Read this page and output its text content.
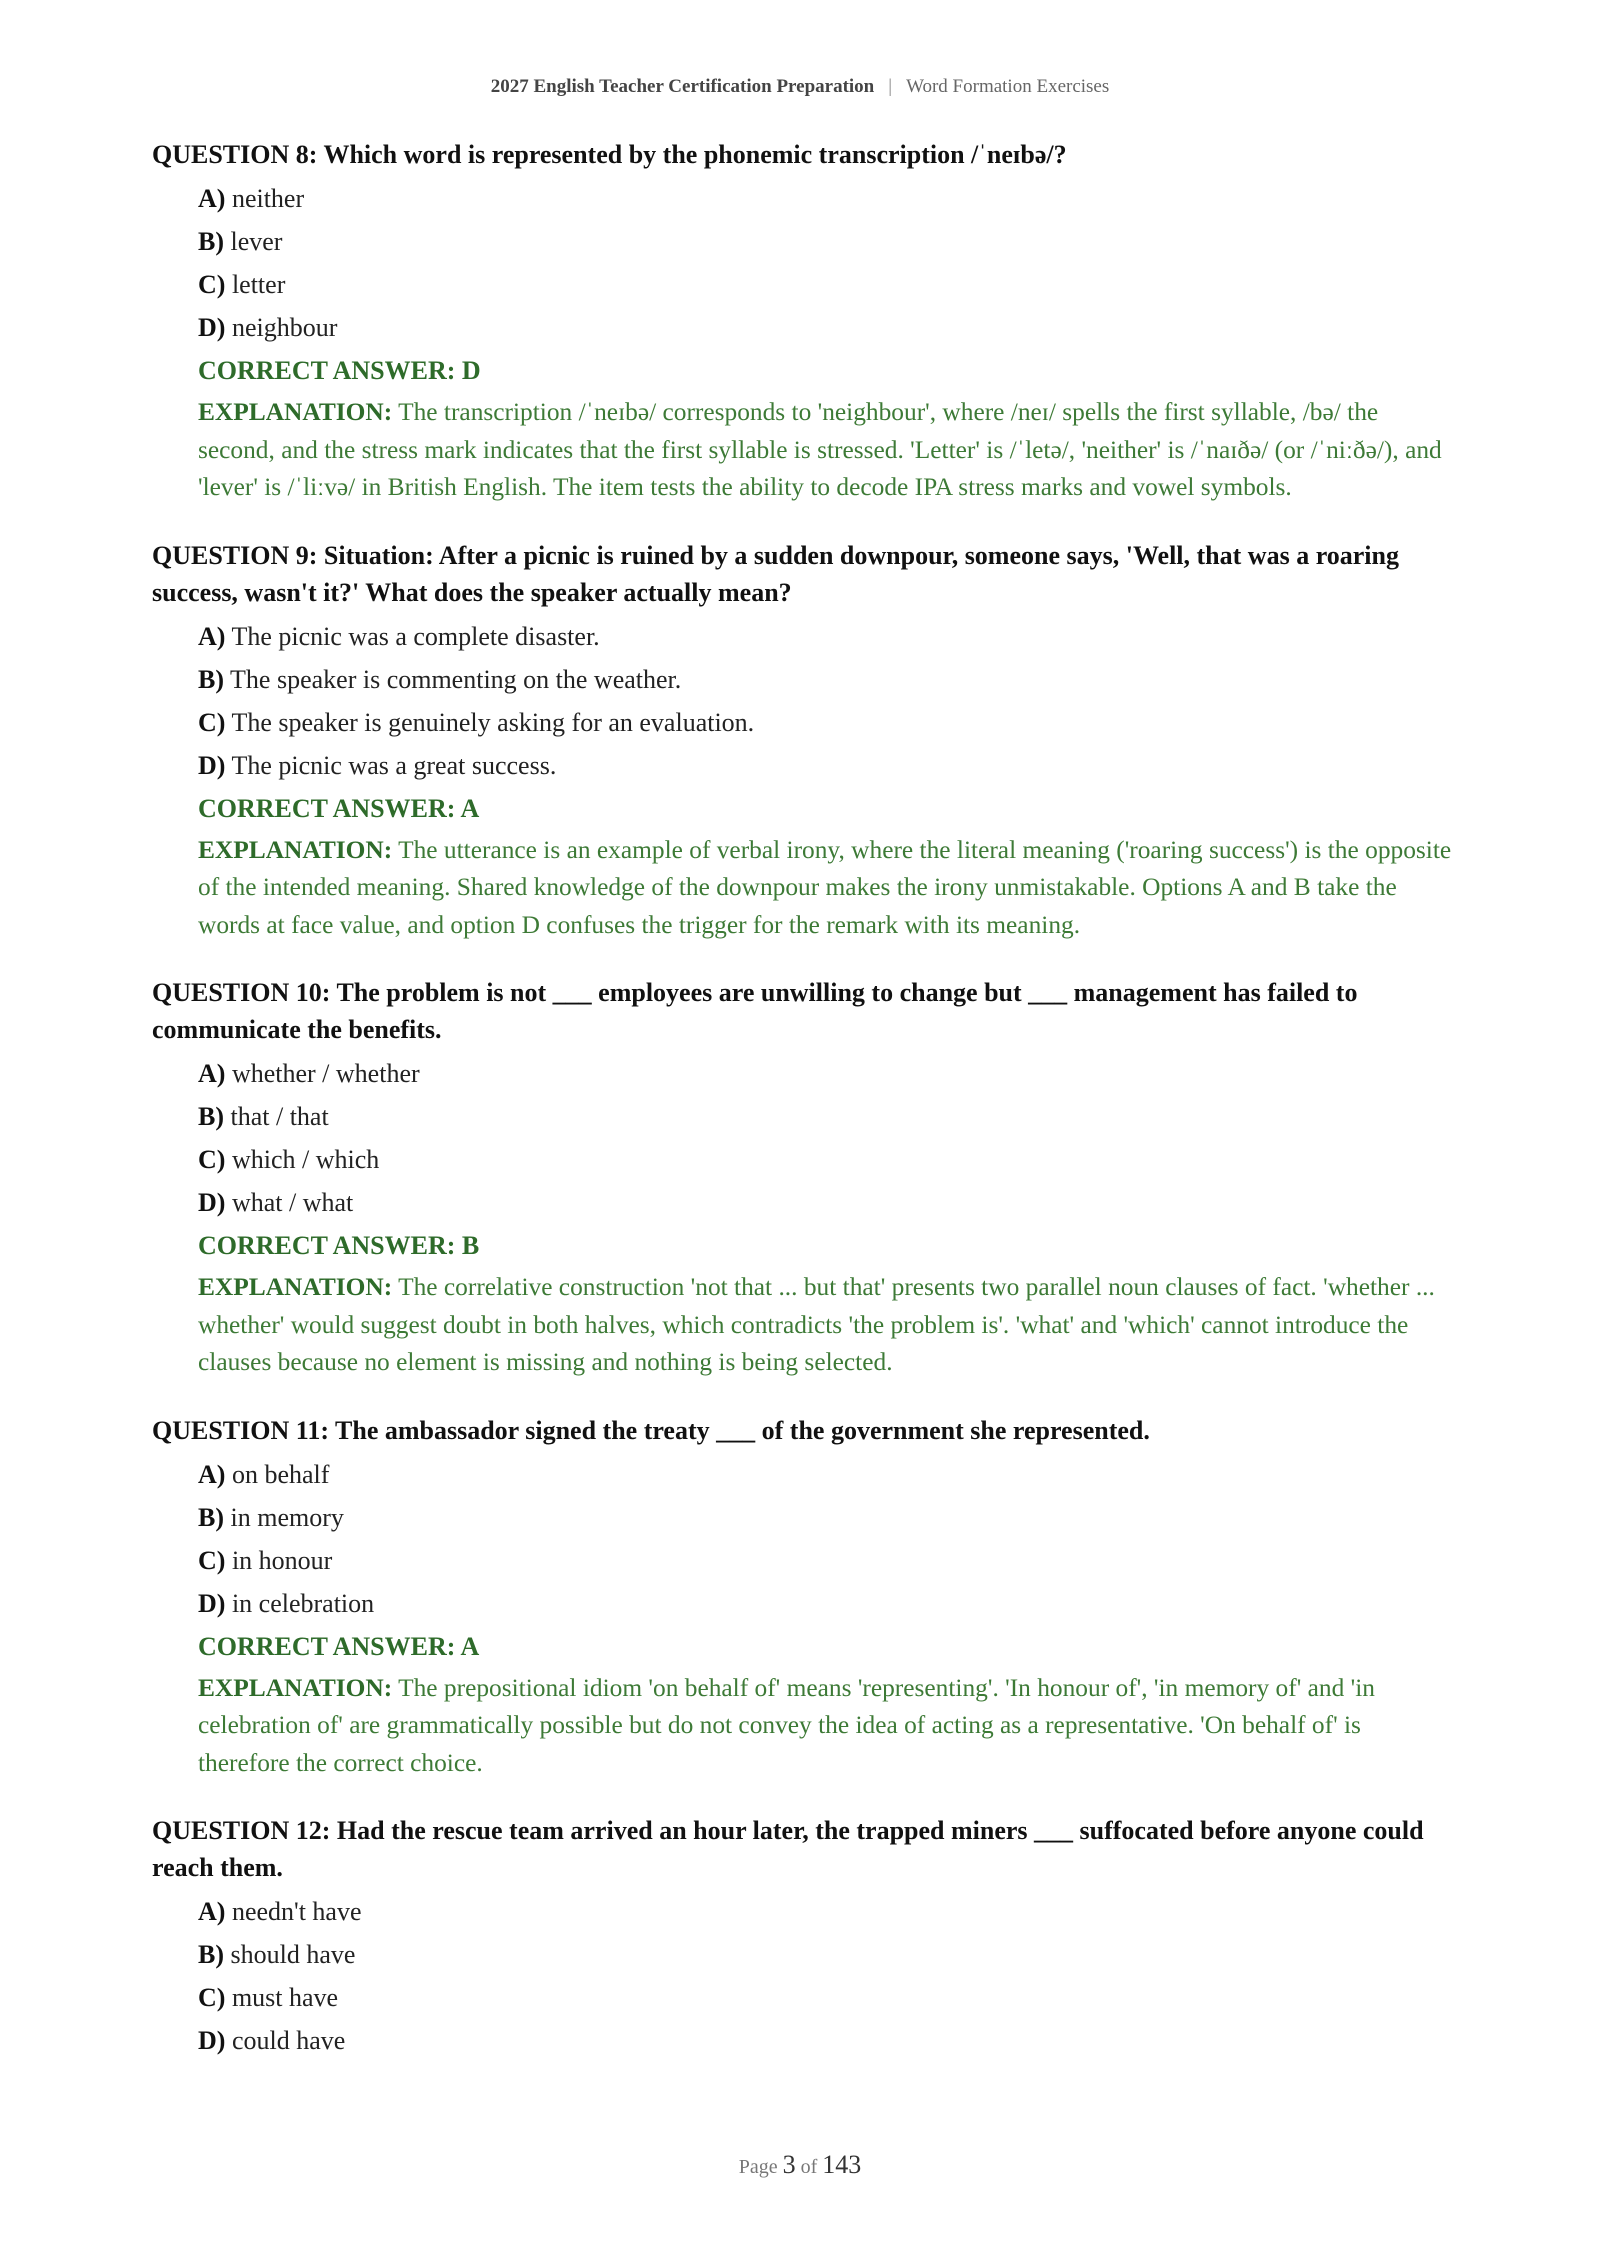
2027 English Teacher Certification Preparation | Word Formation Exercises
QUESTION 8: Which word is represented by the phonemic transcription /ˈneɪbə/?
A) neither
B) lever
C) letter
D) neighbour
CORRECT ANSWER: D
EXPLANATION: The transcription /ˈneɪbə/ corresponds to 'neighbour', where /neɪ/ spells the first syllable, /bə/ the second, and the stress mark indicates that the first syllable is stressed. 'Letter' is /ˈletə/, 'neither' is /ˈnaɪðə/ (or /ˈniːðə/), and 'lever' is /ˈliːvə/ in British English. The item tests the ability to decode IPA stress marks and vowel symbols.
QUESTION 9: Situation: After a picnic is ruined by a sudden downpour, someone says, 'Well, that was a roaring success, wasn't it?' What does the speaker actually mean?
A) The picnic was a complete disaster.
B) The speaker is commenting on the weather.
C) The speaker is genuinely asking for an evaluation.
D) The picnic was a great success.
CORRECT ANSWER: A
EXPLANATION: The utterance is an example of verbal irony, where the literal meaning ('roaring success') is the opposite of the intended meaning. Shared knowledge of the downpour makes the irony unmistakable. Options A and B take the words at face value, and option D confuses the trigger for the remark with its meaning.
QUESTION 10: The problem is not ___ employees are unwilling to change but ___ management has failed to communicate the benefits.
A) whether / whether
B) that / that
C) which / which
D) what / what
CORRECT ANSWER: B
EXPLANATION: The correlative construction 'not that ... but that' presents two parallel noun clauses of fact. 'whether ... whether' would suggest doubt in both halves, which contradicts 'the problem is'. 'what' and 'which' cannot introduce the clauses because no element is missing and nothing is being selected.
QUESTION 11: The ambassador signed the treaty ___ of the government she represented.
A) on behalf
B) in memory
C) in honour
D) in celebration
CORRECT ANSWER: A
EXPLANATION: The prepositional idiom 'on behalf of' means 'representing'. 'In honour of', 'in memory of' and 'in celebration of' are grammatically possible but do not convey the idea of acting as a representative. 'On behalf of' is therefore the correct choice.
QUESTION 12: Had the rescue team arrived an hour later, the trapped miners ___ suffocated before anyone could reach them.
A) needn't have
B) should have
C) must have
D) could have
Page 3 of 143
